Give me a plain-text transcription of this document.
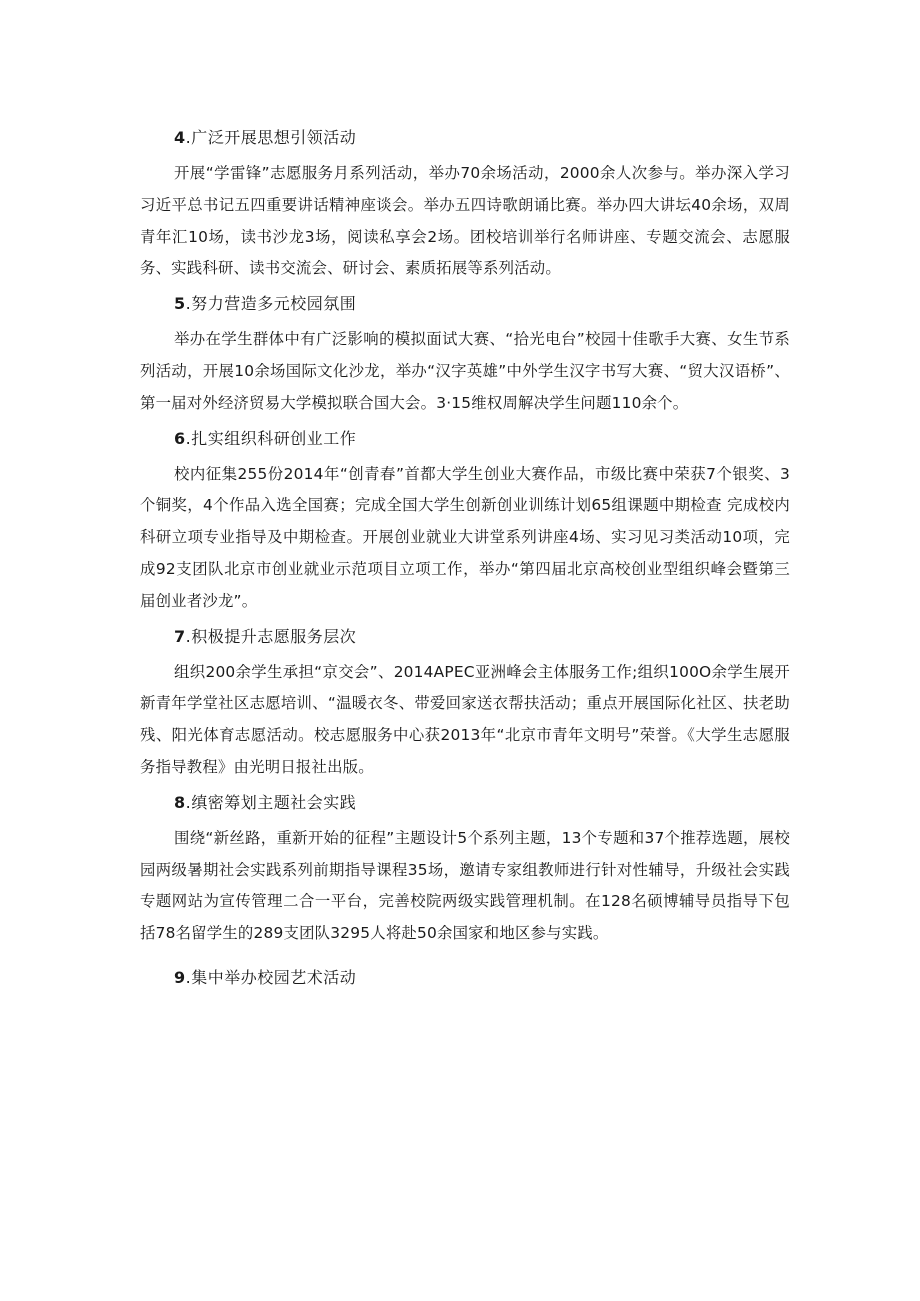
4.广泛开展思想引领活动

开展“学雷锋”志愿服务月系列活动，举办70余场活动，2000余人次参与。举办深入学习习近平总书记五四重要讲话精神座谈会。举办五四诗歌朗诵比赛。举办四大讲坛40余场，双周青年汇10场，读书沙龙3场，阅读私享会2场。团校培训举行名师讲座、专题交流会、志愿服务、实践科研、读书交流会、研讨会、素质拓展等系列活动。

5.努力营造多元校园氛围

举办在学生群体中有广泛影响的模拟面试大赛、“拾光电台”校园十佳歌手大赛、女生节系列活动，开展10余场国际文化沙龙，举办“汉字英雄”中外学生汉字书写大赛、“贸大汉语桥”、第一届对外经济贸易大学模拟联合国大会。3·15维权周解决学生问题110余个。

6.扎实组织科研创业工作

校内征集255份2014年“创青春”首都大学生创业大赛作品，市级比赛中荣获7个银奖、3个铜奖，4个作品入选全国赛；完成全国大学生创新创业训练计划65组课题中期检查 完成校内科研立项专业指导及中期检查。开展创业就业大讲堂系列讲座4场、实习见习类活动10项，完成92支团队北京市创业就业示范项目立项工作，举办“第四届北京高校创业型组织峰会暨第三届创业者沙龙”。

7.积极提升志愿服务层次

组织200余学生承担“京交会”、2014APEC亚洲峰会主体服务工作;组织100O余学生展开新青年学堂社区志愿培训、“温暖衣冬、带爱回家送衣帮扶活动；重点开展国际化社区、扶老助残、阳光体育志愿活动。校志愿服务中心获2013年“北京市青年文明号”荣誉。《大学生志愿服务指导教程》由光明日报社出版。

8.缜密筹划主题社会实践

围绕“新丝路，重新开始的征程”主题设计5个系列主题，13个专题和37个推荐选题，展校园两级暑期社会实践系列前期指导课程35场，邀请专家组教师进行针对性辅导，升级社会实践专题网站为宣传管理二合一平台，完善校院两级实践管理机制。在128名硕博辅导员指导下包括78名留学生的289支团队3295人将赴50余国家和地区参与实践。

9.集中举办校园艺术活动
